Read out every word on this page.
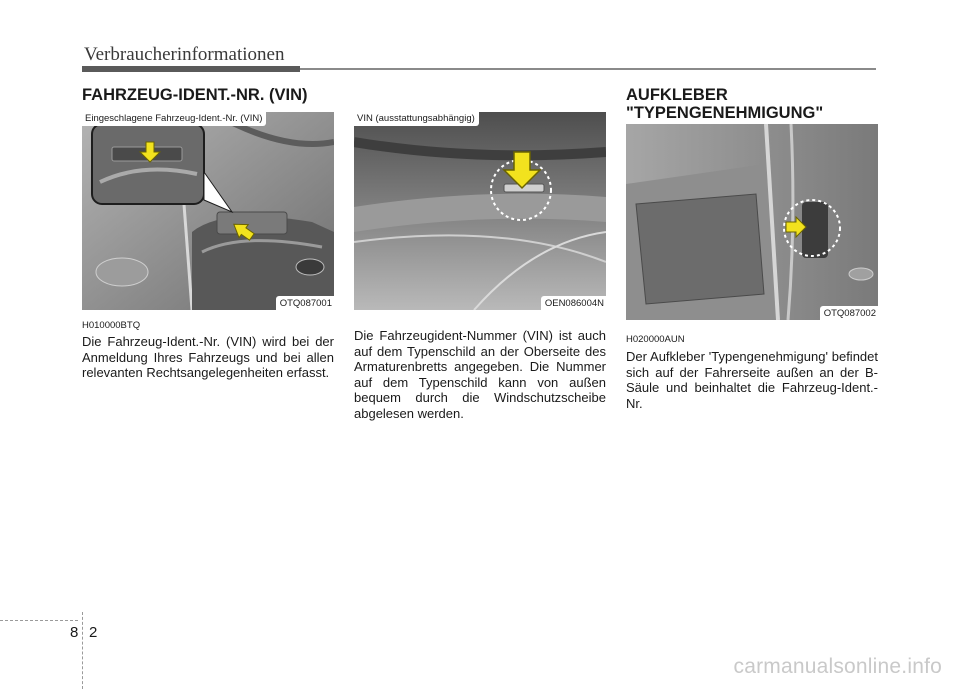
Verbraucherinformationen
FAHRZEUG-IDENT.-NR. (VIN)
Eingeschlagene Fahrzeug-Ident.-Nr. (VIN)
OTQ087001
H010000BTQ

Die Fahrzeug-Ident.-Nr. (VIN) wird bei der Anmeldung Ihres Fahrzeugs und bei allen relevanten Rechtsangelegenheiten erfasst.

VIN (ausstattungsabhängig)
OEN086004N

Die Fahrzeugident-Nummer (VIN) ist auch auf dem Typenschild an der Oberseite des Armaturenbretts angegeben. Die Nummer auf dem Typenschild kann von außen bequem durch die Windschutzscheibe abgelesen werden.

AUFKLEBER
"TYPENGENEHMIGUNG"
OTQ087002
H020000AUN

Der Aufkleber 'Typengenehmigung' befindet sich auf der Fahrerseite außen an der B-Säule und beinhaltet die Fahrzeug-Ident.-Nr.

8 2
carmanualsonline.info
